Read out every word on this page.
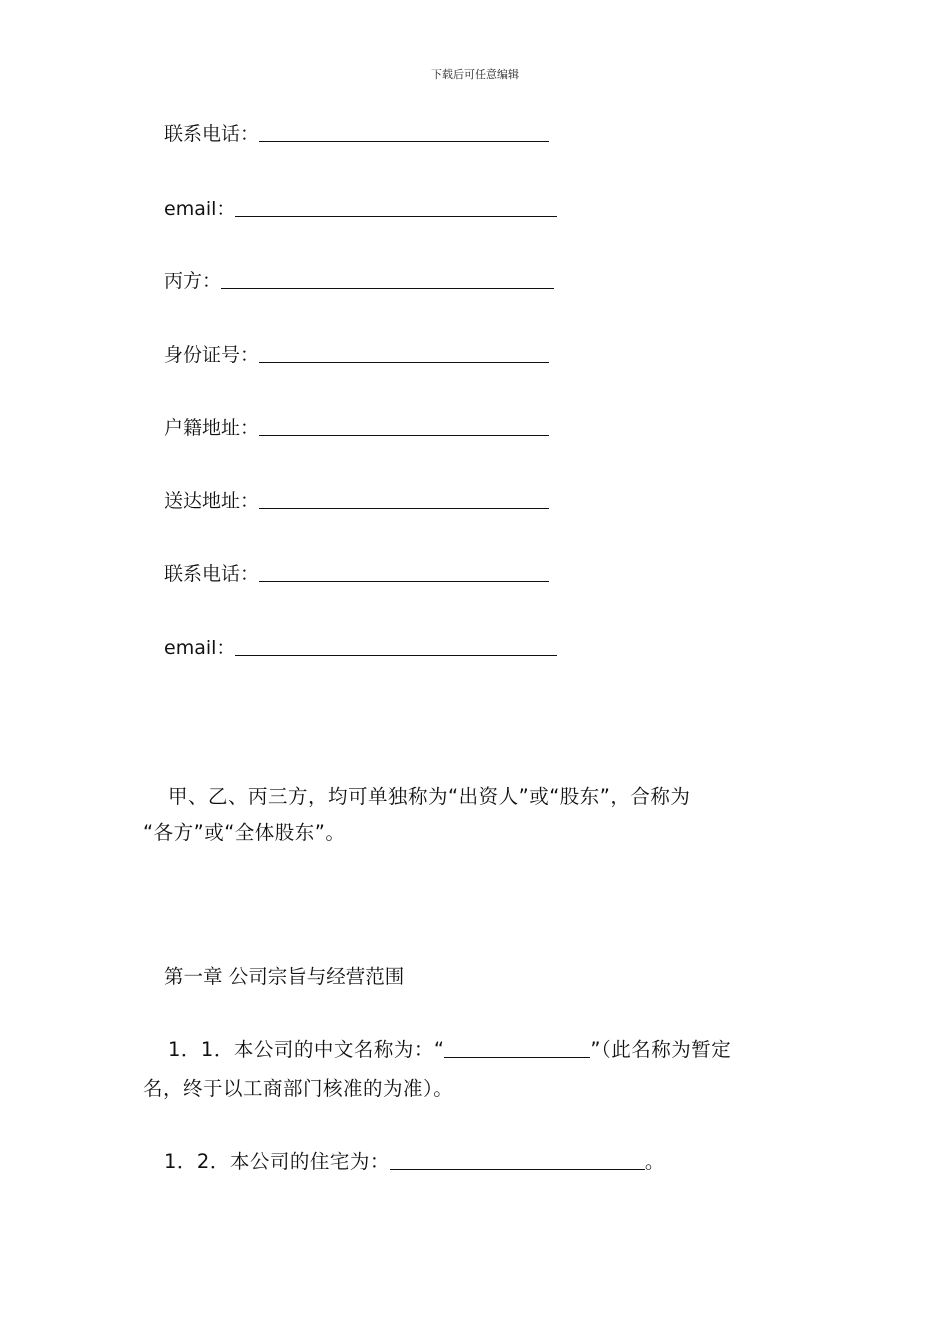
下载后可任意编辑
联系电话：
email：
丙方：
身份证号：
户籍地址：
送达地址：
联系电话：
email：
甲、乙、丙三方，均可单独称为“出资人”或“股东”，合称为
“各方”或“全体股东”。
第一章 公司宗旨与经营范围
1．1．本公司的中文名称为：“	”（此名称为暂定
名，终于以工商部门核准的为准）。
1．2．本公司的住宅为：	。
